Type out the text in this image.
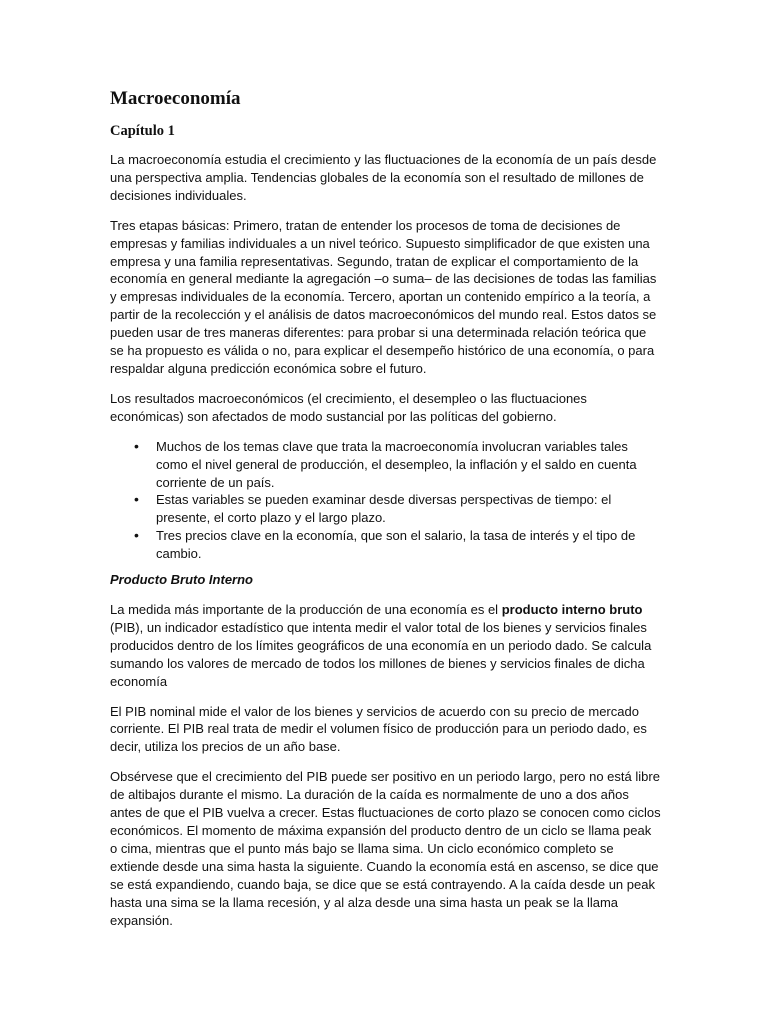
Macroeconomía
Capítulo 1

La macroeconomía estudia el crecimiento y las fluctuaciones de la economía de un país desde una perspectiva amplia. Tendencias globales de la economía son el resultado de millones de decisiones individuales.

Tres etapas básicas: Primero, tratan de entender los procesos de toma de decisiones de empresas y familias individuales a un nivel teórico. Supuesto simplificador de que existen una empresa y una familia representativas. Segundo, tratan de explicar el comportamiento de la economía en general mediante la agregación –o suma– de las decisiones de todas las familias y empresas individuales de la economía. Tercero, aportan un contenido empírico a la teoría, a partir de la recolección y el análisis de datos macroeconómicos del mundo real. Estos datos se pueden usar de tres maneras diferentes: para probar si una determinada relación teórica que se ha propuesto es válida o no, para explicar el desempeño histórico de una economía, o para respaldar alguna predicción económica sobre el futuro.

Los resultados macroeconómicos (el crecimiento, el desempleo o las fluctuaciones económicas) son afectados de modo sustancial por las políticas del gobierno.

• Muchos de los temas clave que trata la macroeconomía involucran variables tales como el nivel general de producción, el desempleo, la inflación y el saldo en cuenta corriente de un país.
• Estas variables se pueden examinar desde diversas perspectivas de tiempo: el presente, el corto plazo y el largo plazo.
• Tres precios clave en la economía, que son el salario, la tasa de interés y el tipo de cambio.
Producto Bruto Interno

La medida más importante de la producción de una economía es el producto interno bruto (PIB), un indicador estadístico que intenta medir el valor total de los bienes y servicios finales producidos dentro de los límites geográficos de una economía en un periodo dado. Se calcula sumando los valores de mercado de todos los millones de bienes y servicios finales de dicha economía

El PIB nominal mide el valor de los bienes y servicios de acuerdo con su precio de mercado corriente. El PIB real trata de medir el volumen físico de producción para un periodo dado, es decir, utiliza los precios de un año base.

Obsérvese que el crecimiento del PIB puede ser positivo en un periodo largo, pero no está libre de altibajos durante el mismo. La duración de la caída es normalmente de uno a dos años antes de que el PIB vuelva a crecer. Estas fluctuaciones de corto plazo se conocen como ciclos económicos. El momento de máxima expansión del producto dentro de un ciclo se llama peak o cima, mientras que el punto más bajo se llama sima. Un ciclo económico completo se extiende desde una sima hasta la siguiente. Cuando la economía está en ascenso, se dice que se está expandiendo, cuando baja, se dice que se está contrayendo. A la caída desde un peak hasta una sima se la llama recesión, y al alza desde una sima hasta un peak se la llama expansión.
